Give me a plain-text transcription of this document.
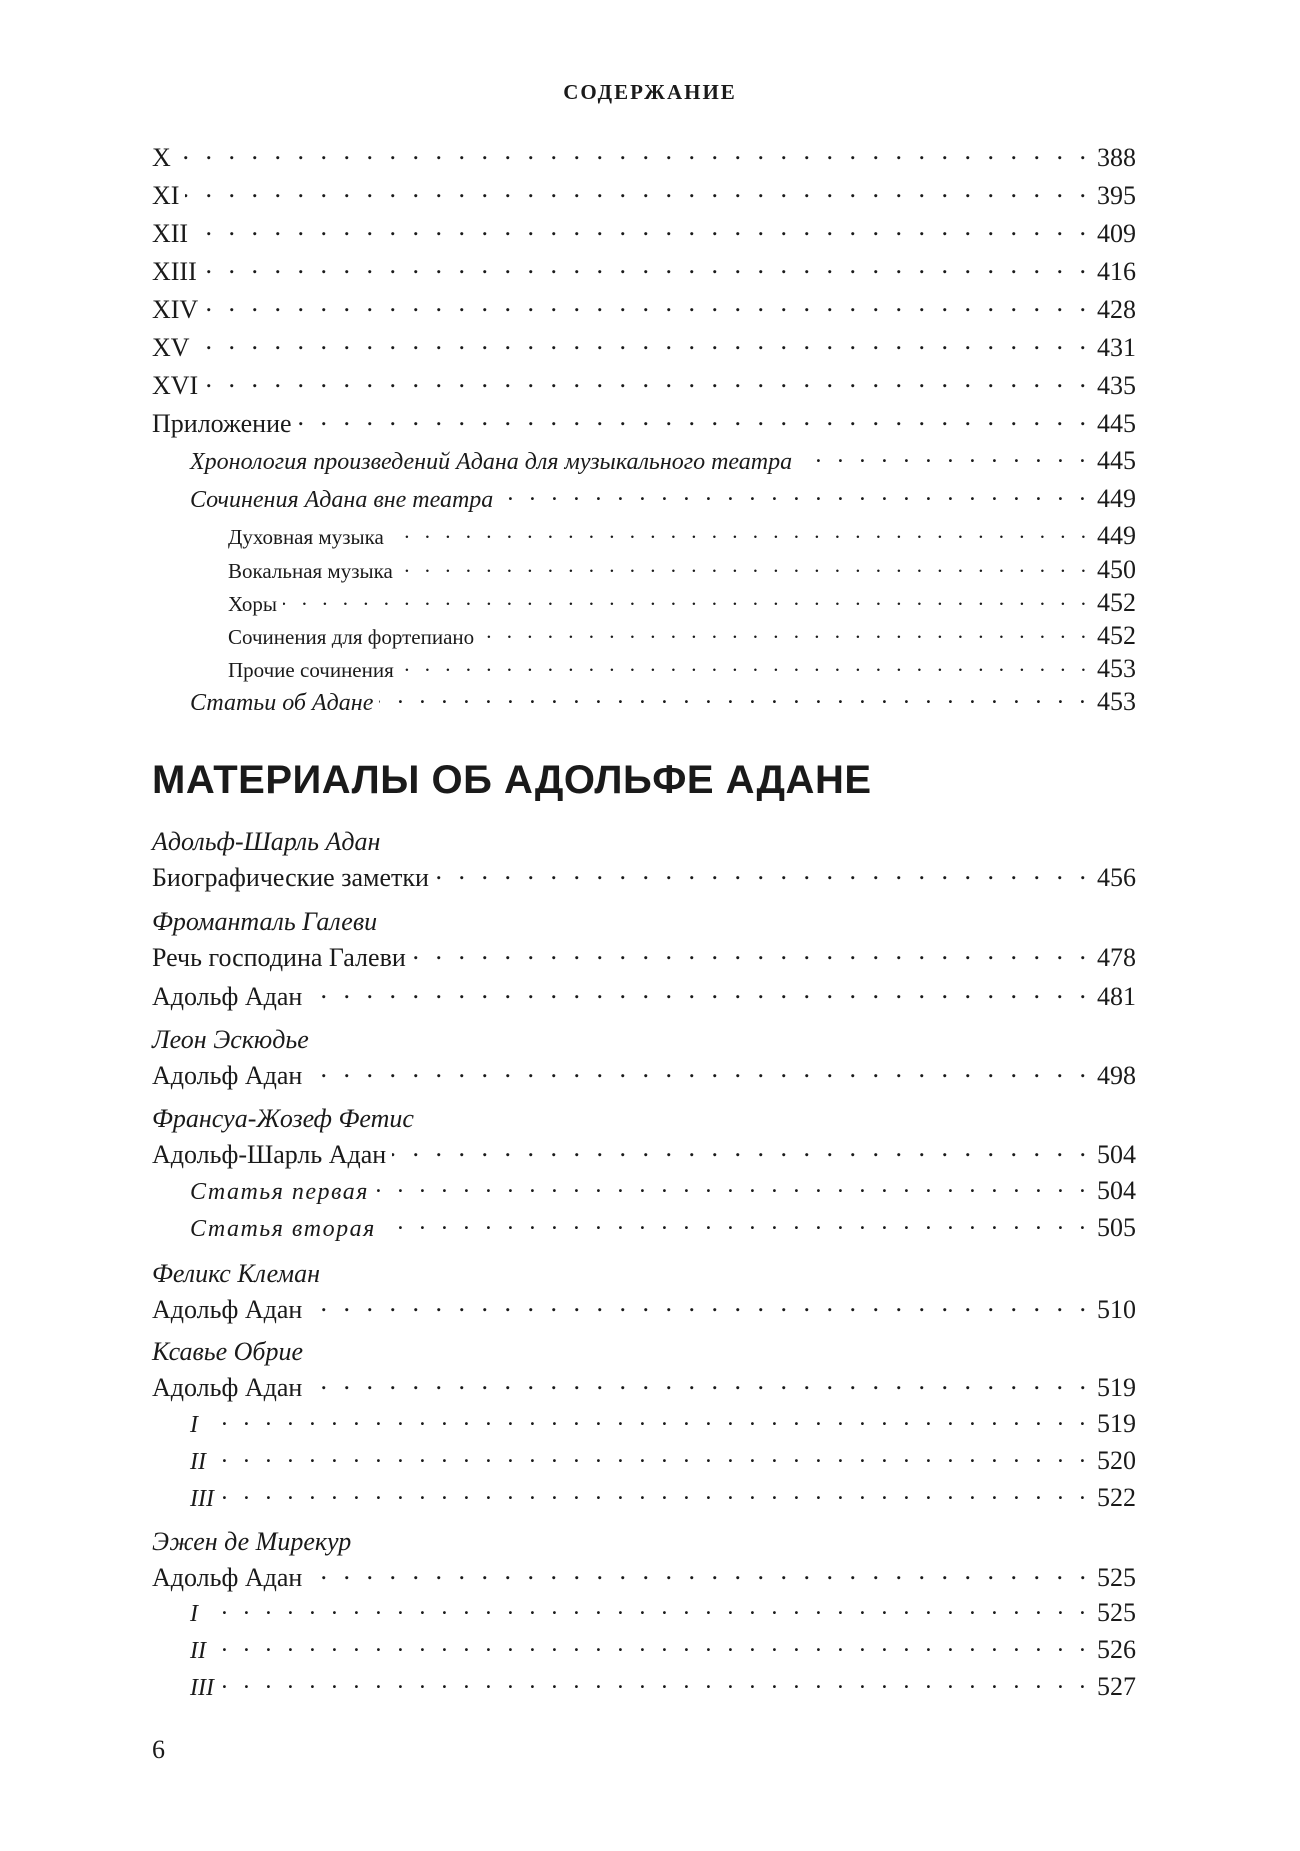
СОДЕРЖАНИЕ
X . . .	388
XI . . .	395
XII . . .	409
XIII . . .	416
XIV . . .	428
XV . . .	431
XVI . . .	435
Приложение . . .	445
Хронология произведений Адана для музыкального театра . . .	445
Сочинения Адана вне театра . . .	449
Духовная музыка . . .	449
Вокальная музыка . . .	450
Хоры . . .	452
Сочинения для фортепиано . . .	452
Прочие сочинения . . .	453
Статьи об Адане . . .	453
МАТЕРИАЛЫ ОБ АДОЛЬФЕ АДАНЕ
Адольф-Шарль Адан
Биографические заметки . . .	456
Фроманталь Галеви
Речь господина Галеви . . .	478
Адольф Адан . . .	481
Леон Эскюдье
Адольф Адан . . .	498
Франсуа-Жозеф Фетис
Адольф-Шарль Адан . . .	504
Статья первая . . .	504
Статья вторая . . .	505
Феликс Клеман
Адольф Адан . . .	510
Ксавье Обрие
Адольф Адан . . .	519
I . . .	519
II . . .	520
III . . .	522
Эжен де Мирекур
Адольф Адан . . .	525
I . . .	525
II . . .	526
III . . .	527
6
